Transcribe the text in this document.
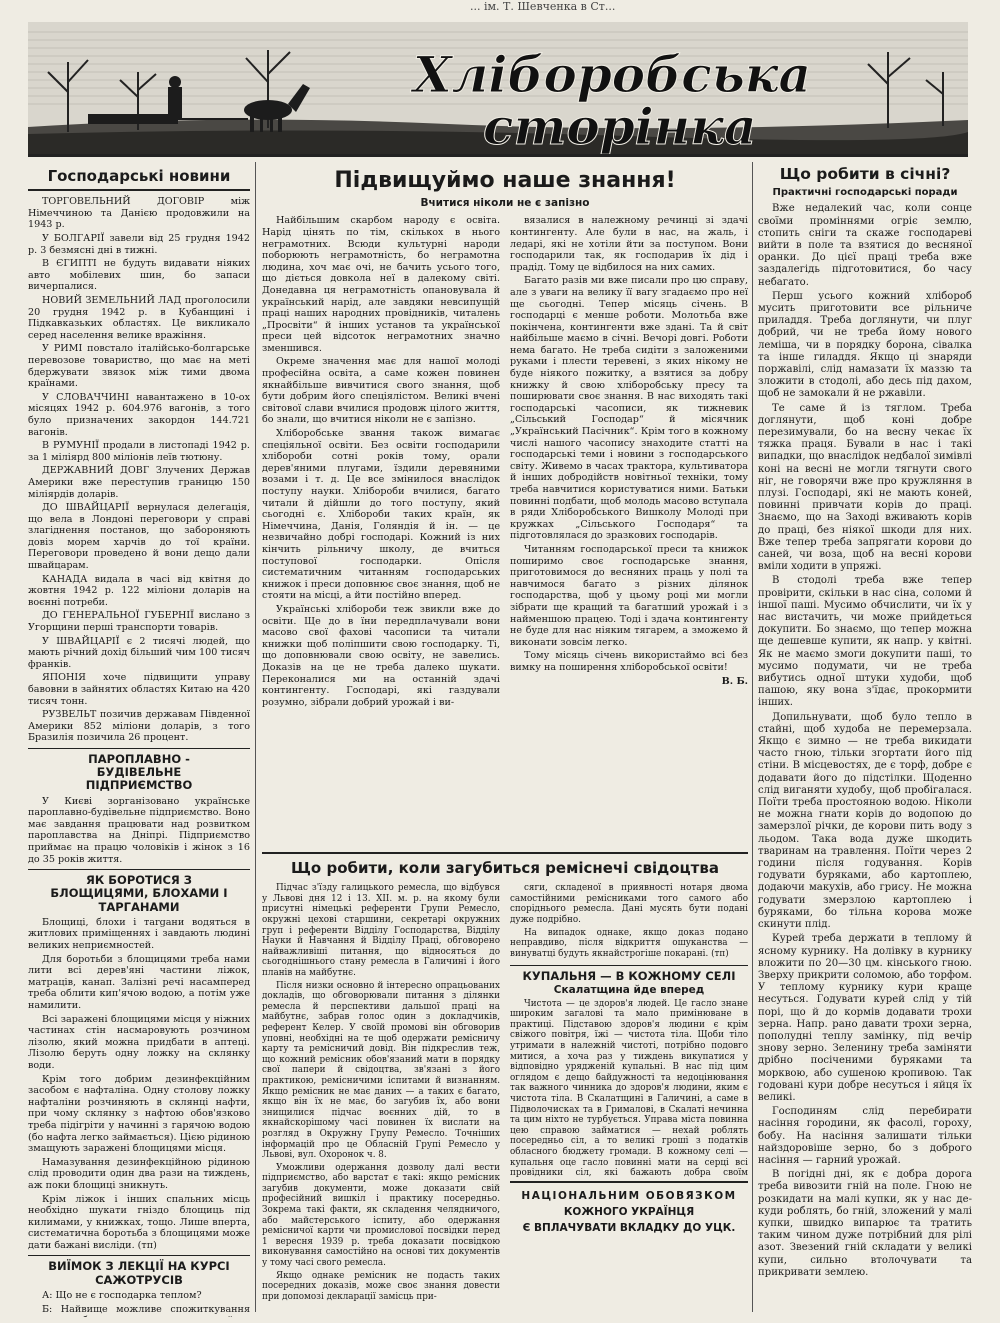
... ім. Т. Шевченка в Ст...
Хліборобська
сторінка
Господарські новини

ТОРГОВЕЛЬНИЙ ДОГОВІР між Німеччиною та Данією продовжили на 1943 р.

У БОЛГАРІЇ завели від 25 грудня 1942 р. 3 безмясні дні в тижні.

В ЄГИПТІ не будуть видавати ніяких авто мобілевих шин, бо запаси вичерпалися.

НОВИЙ ЗЕМЕЛЬНИЙ ЛАД проголосили 20 грудня 1942 р. в Кубанщині і Підкавказьких областях. Це викликало серед населення велике вражіння.

У РИМІ повстало італійсько-болгарське перевозове товариство, що має на меті бдержувати звязок між тими двома країнами.

У СЛОВАЧЧИНІ навантажено в 10-ох місяцях 1942 р. 604.976 вагонів, з того було призначених закордон 144.721 вагонів.

В РУМУНІЇ продали в листопаді 1942 р. за 1 міліярд 800 міліонів леїв тютюну.

ДЕРЖАВНИЙ ДОВГ Злучених Держав Америки вже переступив границю 150 міліярдів доларів.

ДО ШВАЙЦАРІЇ вернулася делегація, що вела в Лондоні переговори у справі злагіднення постанов, що забороняють довіз морем харчів до тої країни. Переговори проведено й вони дещо дали швайцарам.

КАНАДА видала в часі від квітня до жовтня 1942 р. 122 міліони доларів на воєнні потреби.

ДО ГЕНЕРАЛЬНОЇ ГУБЕРНІЇ вислано з Угорщини перші транспорти товарів.

У ШВАЙЦАРІЇ є 2 тисячі людей, що мають річний дохід більший чим 100 тисяч франків.

ЯПОНІЯ хоче підвищити управу бавовни в зайнятих областях Китаю на 420 тисяч тонн.

РУЗВЕЛЬТ позичив державам Південної Америки 852 міліони доларів, з того Бразилія позичила 26 процент.

ПАРОПЛАВНО - БУДІВЕЛЬНЕ ПІДПРИЄМСТВО

У Києві зорганізовано українське пароплавно-будівельне підприємство. Воно має завдання працювати над розвитком пароплавства на Дніпрі. Підприємство приймає на працю чоловіків і жінок з 16 до 35 років життя.

ЯК БОРОТИСЯ З БЛОЩИЦЯМИ, БЛОХАМИ І ТАРГАНАМИ

Блощиці, блохи і тargани водяться в житлових приміщеннях і завдають людині великих неприємностей.

Для боротьби з блощицями треба нами лити всі дерев'яні частини ліжок, матраців, канап. Залізні речі насамперед треба облити кип'ячою водою, а потім уже намилити.

Всі заражені блощицями місця у ніжних частинах стін насмаровують розчином лізолю, який можна придбати в аптеці. Лізолю беруть одну ложку на склянку води.

Крім того добрим дезинфекційним засобом є нафталіна. Одну столову ложку нафталіни розчиняють в склянці нафти, при чому склянку з нафтою обов'язково треба підігріти у начинні з гарячою водою (бо нафта легко займається). Цією рідиною змащують заражені блощицями місця.

Намазування дезинфекційною рідиною слід проводити один два рази на тиждень, аж поки блощиці зникнуть.

Крім ліжок і інших спальних місць необхідно шукати гніздо блощиць під килимами, у книжках, тощо. Лише вперта, систематична боротьба з блощицями може дати бажані висліди. (тп)

ВИЇМОК З ЛЕКЦІЇ НА КУРСІ САЖОТРУСІВ

А: Що не є господарка теплом?

Б: Найвище можливе спожиткування

Підвищуймо наше знання!
Вчитися ніколи не є запізно

Найбільшим скарбом народу є освіта. Нарід цінять по тім, скількох в нього неграмотних. Всюди культурні народи поборюють неграмотність, бо неграмотна людина, хоч має очі, не бачить усього того, що діється довкола неї в далекому світі. Донедавна ця неграмотність опановувала й український нарід, але завдяки невсипущій праці наших народних провідників, читалень „Просвіти“ й інших установ та української преси цей відсоток неграмотних значно зменшився.

Окреме значення має для нашої молоді професійна освіта, а саме кожен повинен якнайбільше вивчитися свого знання, щоб бути добрим його спеціялістом. Великі вчені світової слави вчилися продовж цілого життя, бо знали, що вчитися ніколи не є запізно.

Хліборобське звання також вимагає спеціяльної освіти. Без освіти господарили хлібороби сотні років тому, орали дерев'яними плугами, їздили деревяними возами і т. д. Це все змінилося внаслідок поступу науки. Хлібороби вчилися, багато читали й дійшли до того поступу, який сьогодні є. Хлібороби таких країн, як Німеччина, Данія, Голяндія й ін. — це незвичайно добрі господарі. Кожний із них кінчить рільничу школу, де вчиться поступової господарки. Опісля систематичним читанням господарських книжок і преси доповнює своє знання, щоб не стояти на місці, а йти постійно вперед.

Українські хлібороби теж звикли вже до освіти. Ще до в їни передплачували вони масово свої фахові часописи та читали книжки щоб поліпшити свою господарку. Ті, що доповнювали свою освіту, не завелись. Доказів на це не треба далеко шукати. Переконалися ми на останній здачі контингенту. Господарі, які газдували розумно, зібрали добрий урожай і ви-

вязалися в належному речинці зі здачі контингенту. Алe були в нас, на жаль, і ледарі, які не хотіли йти за поступом. Вони господарили так, як господарив їх дід і прадід. Тому це відбилося на них самих.

Багато разів ми вже писали про цю справу, але з уваги на велику її вагу згадаємо про неї ще сьогодні. Тепер місяць січень. В господарці є менше роботи. Молотьба вже покінчена, контингенти вже здані. Та й світ найбільше маємо в січні. Вечорі довгі. Роботи нема багато. Не треба сидіти з заложеними руками і плести теревені, з яких нікому не буде ніякого пожитку, а взятися за добру книжку й свою хліборобську пресу та поширювати своє знання. В нас виходять такі господарські часописи, як тижневик „Сільський Господар“ й місячник „Український Пасічник“. Крім того в кожному числі нашого часопису знаходите статті на господарські теми і новини з господарського світу. Живемо в часах трактора, культиватора й інших добродійств новітньої техніки, тому треба навчитися користуватися ними. Батьки повинні подбати, щоб молодь масово вступала в ряди Хліборобського Вишколу Молоді при кружках „Сільського Господаря“ та підготовлялася до зразкових господарів.

Читанням господарської преси та книжок поширимо своє господарське знання, приготовимося до весняних праць у полі та навчимося багато з різних ділянок господарства, щоб у цьому році ми могли зібрати ще кращий та багатший урожай і з найменшою працею. Тоді і здача контингенту не буде для нас ніяким тягарем, а зможемо й виконати зовсім легко.

Тому місяць січень використаймо всі без вимку на поширення хліборобської освіти!

В. Б.
Що робити, коли загубиться реміснечі свідоцтва

Підчас з'їзду галицького ремесла, що відбувся у Львові дня 12 і 13. XII. м. р. на якому були присутні німецькі референти Групи Ремесло, окружні цехові старшини, секретарі окружних груп і референти Відділу Господарства, Відділу Науки й Навчання й Відділу Праці, обговорено найважливіші питання, що відносяться до сьогоднішнього стану ремесла в Галичині і його планів на майбутнє.

Після низки основно й інтересно опрацьованих докладів, що обговорювали питання з ділянки ремесла й перспективи дальшої праці на майбутнє, забрав голос один з докладчиків, референт Келер. У своїй промові він обговорив уповні, необхідні на те щоб одержати ремісничу карту та ремісничий довід. Він підкреслив теж, що кожний ремісник обов'язаний мати в порядку свої папери й свідоцтва, зв'язані з його практикою, ремісничими іспитами й визнанням. Якщо ремісник не має даних — а таких є багато, якщо він їх не має, бо загубив їх, або вони знищилися підчас воєнних дій, то в якнайскорішому часі повинен їх вислати на розгляд в Окружну Групу Ремесло. Точніших інформацій про це Обласній Групі Ремесло у Львові, вул. Охоронок ч. 8.

Уможливи одержання дозволу далі вести підприємство, або варстат є такі: якщо ремісник загубив документи, може доказати свій професійний вишкіл і практику посередньо. Зокрема такі факти, як складення челядничого, або майстерського іспиту, або одержання ремісничої карти чи промислової посвідки перед 1 вересня 1939 р. треба доказати посвідкою виконування самостійно на основі тих документів у тому часі свого ремесла.

Якщо однаке ремісник не подасть таких посередних доказів, може своє знання довести при допомозі декларації замісць при-

сяги, складеної в приявності нотаря двома самостійними ремісниками того самого або споріднього ремесла. Дані мусять бути подані дуже подрібно.

На випадок однаке, якщо доказ подано неправдиво, після відкриття ошуканства — винуватці будуть якнайстрогіше покарані. (тп)

КУПАЛЬНЯ — В КОЖНОМУ СЕЛІ
Скалатщина йде вперед

Чистота — це здоров'я людей. Це гасло знане широким загалові та мало примінюване в практиці. Підставою здоров'я людини є крім свіжого повітря, їжі — чистота тіла. Щоби тіло утримати в належній чистоті, потрібно подовго митися, а хоча раз у тиждень викупатися у відповідно урядженій купальні. В нас під цим оглядом є дещо байдужності та недоцінювання так важного чинника до здоров'я людини, яким є чистота тіла. В Скалатщині в Галичині, а саме в Підволочисках та в Грималові, в Скалаті нечинна та цим ніхто не турбується. Управа міста повинна цею справою займатися — нехай роблять посередньо сіл, а то великі гроші з податків обласного бюджету громади. В кожному селі — купальня оце гасло повинні мати на серці всі провідники сіл, які бажають добра своїм

НАЦІОНАЛЬНИМ ОБОВЯЗКОМ
КОЖНОГО УКРАЇНЦЯ
Є ВПЛАЧУВАТИ ВКЛАДКУ ДО УЦК.
Що робити в січні?
Практичні господарські поради

Вже недалекий час, коли сонце своїми проміннями огріє землю, стопить сніги та скаже господареві вийти в поле та взятися до весняної оранки. До цієї праці треба вже заздалегідь підготовитися, бо часу небагато.

Перш усього кожний хлібороб мусить приготовити все рільниче приладдя. Треба доглянути, чи плуг добрий, чи не треба йому нового леміша, чи в порядку борона, сівалка та інше гиладдя. Якщо ці знаряди поржавілі, слід намазати їх маззю та зложити в стодолі, або десь під дахом, щоб не замокали й не ржавіли.

Те саме й із тяглом. Треба доглянути, щоб коні добре перезимували, бо на весну чекає їх тяжка праця. Бували в нас і такі випадки, що внаслідок недбалої зимівлі коні на весні не могли тягнути свого ніг, не говорячи вже про кружляння в плузі. Господарі, які не мають коней, повинні привчати корів до праці. Знаємо, що на Заході вживають корів до праці, без ніякої шкоди для них. Вже тепер треба запрягати корови до саней, чи воза, щоб на весні корови вміли ходити в упряжі.

В стодолі треба вже тепер провірити, скільки в нас сіна, соломи й іншої паші. Мусимо обчислити, чи їх у нас вистачить, чи може прийдеться докупити. Бо знаємо, що тепер можна ще дешевше купити, як напр. у квітні. Як не маємо змоги докупити паші, то мусимо подумати, чи не треба вибутись одної штуки худоби, щоб пашою, яку вона з'їдає, прокормити інших.

Допильнувати, щоб було тепло в стайні, щоб худоба не перемерзала. Якщо є зимно — не треба викидати часто гною, тільки згортати його під стіни. В місцевостях, де є торф, добре є додавати його до підстілки. Щоденно слід виганяти худобу, щоб пробігалася. Поїти треба простояною водою. Ніколи не можна гнати корів до водопою до замерзлої річки, де корови пить воду з льодом. Така вода дуже шкодить тваринам на травлення. Поїти через 2 години після годування. Корів годувати буряками, або картоплею, додаючи макухів, або грису. Не можна годувати змерзлою картоплею і буряками, бо тільна корова може скинути плід.

Курей треба держати в теплому й ясному курнику. На долівку в курнику вложити по 20—30 цм. кінського гною. Зверху прикрити соломою, або торфом. У теплому курнику кури краще несуться. Годувати курей слід у тій порі, що й до кормів додавати трохи зерна. Напр. рано давати трохи зерна, пополудні теплу замінку, під вечір знову зерно. Зеленину треба заміняти дрібно посіченими буряками та морквою, або сушеною кропивою. Так годовані кури добре несуться і яйця їх великі.

Господиням слід перебирати насіння городини, як фасолі, гороху, бобу. На насіння залишати тільки найздоровіше зерно, бо з доброго насіння — гарний урожай.

В погідні дні, як є добра дорога треба вивозити гній на поле. Гною не розкидати на малі купки, як у нас де-куди роблять, бо гній, зложений у малі купки, швидко випарює та тратить таким чином дуже потрібний для рілі азот. Звезений гній складати у великі купи, сильно втолочувати та прикривати землею.
